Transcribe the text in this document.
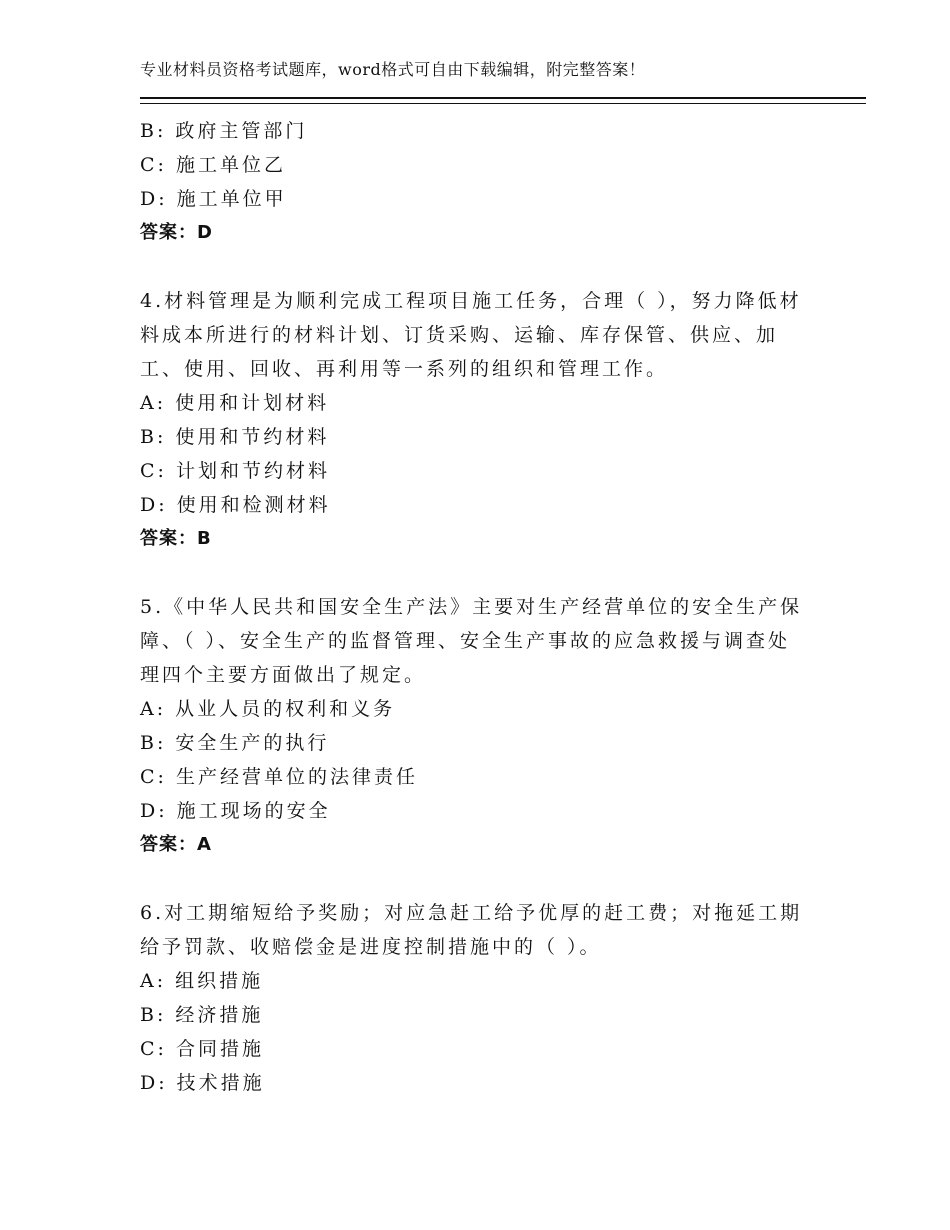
专业材料员资格考试题库，word格式可自由下载编辑，附完整答案！
B: 政府主管部门
C: 施工单位乙
D: 施工单位甲
答案：D
4.材料管理是为顺利完成工程项目施工任务，合理（ ），努力降低材料成本所进行的材料计划、订货采购、运输、库存保管、供应、加工、使用、回收、再利用等一系列的组织和管理工作。
A: 使用和计划材料
B: 使用和节约材料
C: 计划和节约材料
D: 使用和检测材料
答案：B
5.《中华人民共和国安全生产法》主要对生产经营单位的安全生产保障、（ ）、安全生产的监督管理、安全生产事故的应急救援与调查处理四个主要方面做出了规定。
A: 从业人员的权利和义务
B: 安全生产的执行
C: 生产经营单位的法律责任
D: 施工现场的安全
答案：A
6.对工期缩短给予奖励；对应急赶工给予优厚的赶工费；对拖延工期给予罚款、收赔偿金是进度控制措施中的（ ）。
A: 组织措施
B: 经济措施
C: 合同措施
D: 技术措施
